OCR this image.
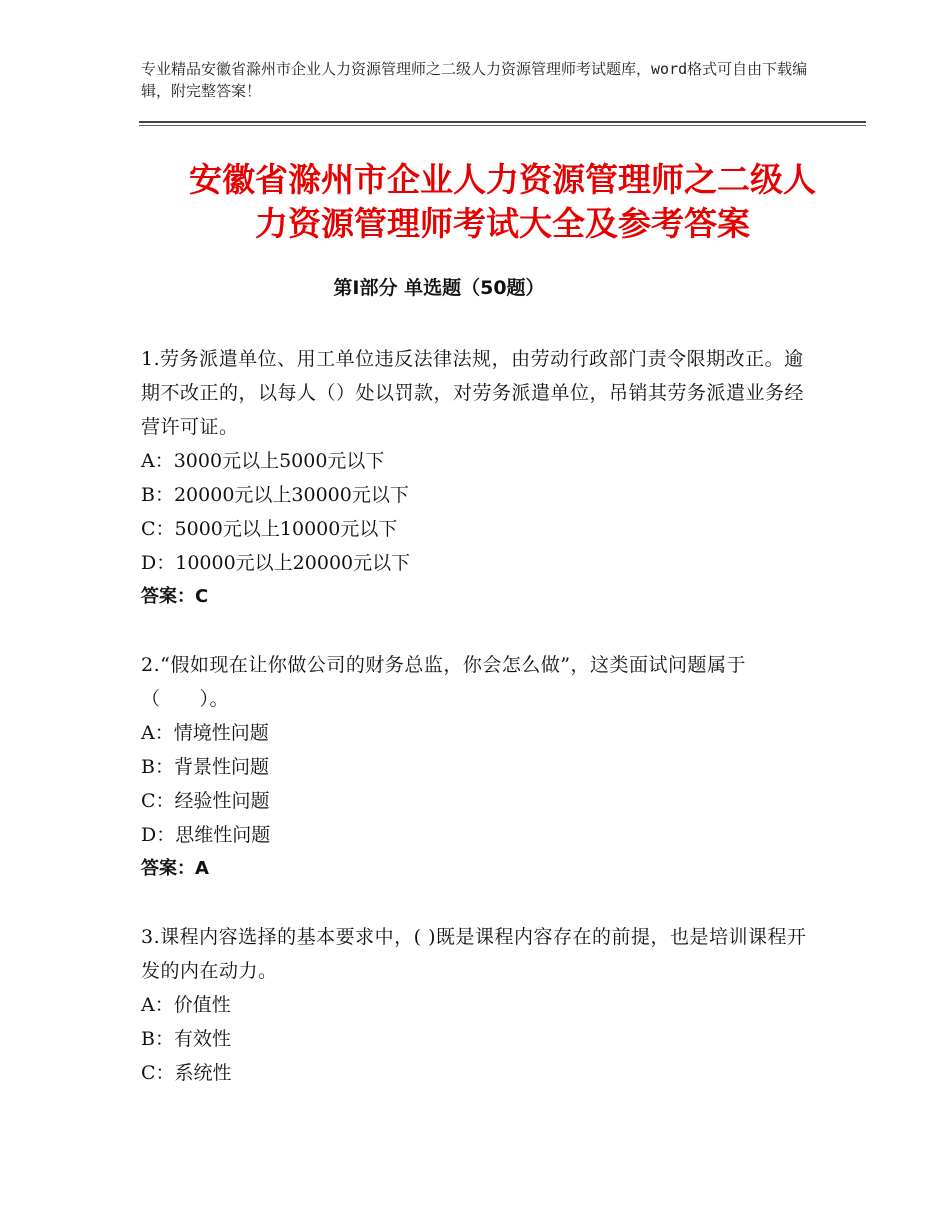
专业精品安徽省滁州市企业人力资源管理师之二级人力资源管理师考试题库，word格式可自由下载编辑，附完整答案！
安徽省滁州市企业人力资源管理师之二级人
力资源管理师考试大全及参考答案
第Ⅰ部分 单选题（50题）
1.劳务派遣单位、用工单位违反法律法规，由劳动行政部门责令限期改正。逾期不改正的，以每人（）处以罚款，对劳务派遣单位，吊销其劳务派遣业务经营许可证。
A：3000元以上5000元以下
B：20000元以上30000元以下
C：5000元以上10000元以下
D：10000元以上20000元以下
答案：C
2.“假如现在让你做公司的财务总监，你会怎么做”，这类面试问题属于（　　）。
A：情境性问题
B：背景性问题
C：经验性问题
D：思维性问题
答案：A
3.课程内容选择的基本要求中，( )既是课程内容存在的前提，也是培训课程开发的内在动力。
A：价值性
B：有效性
C：系统性
